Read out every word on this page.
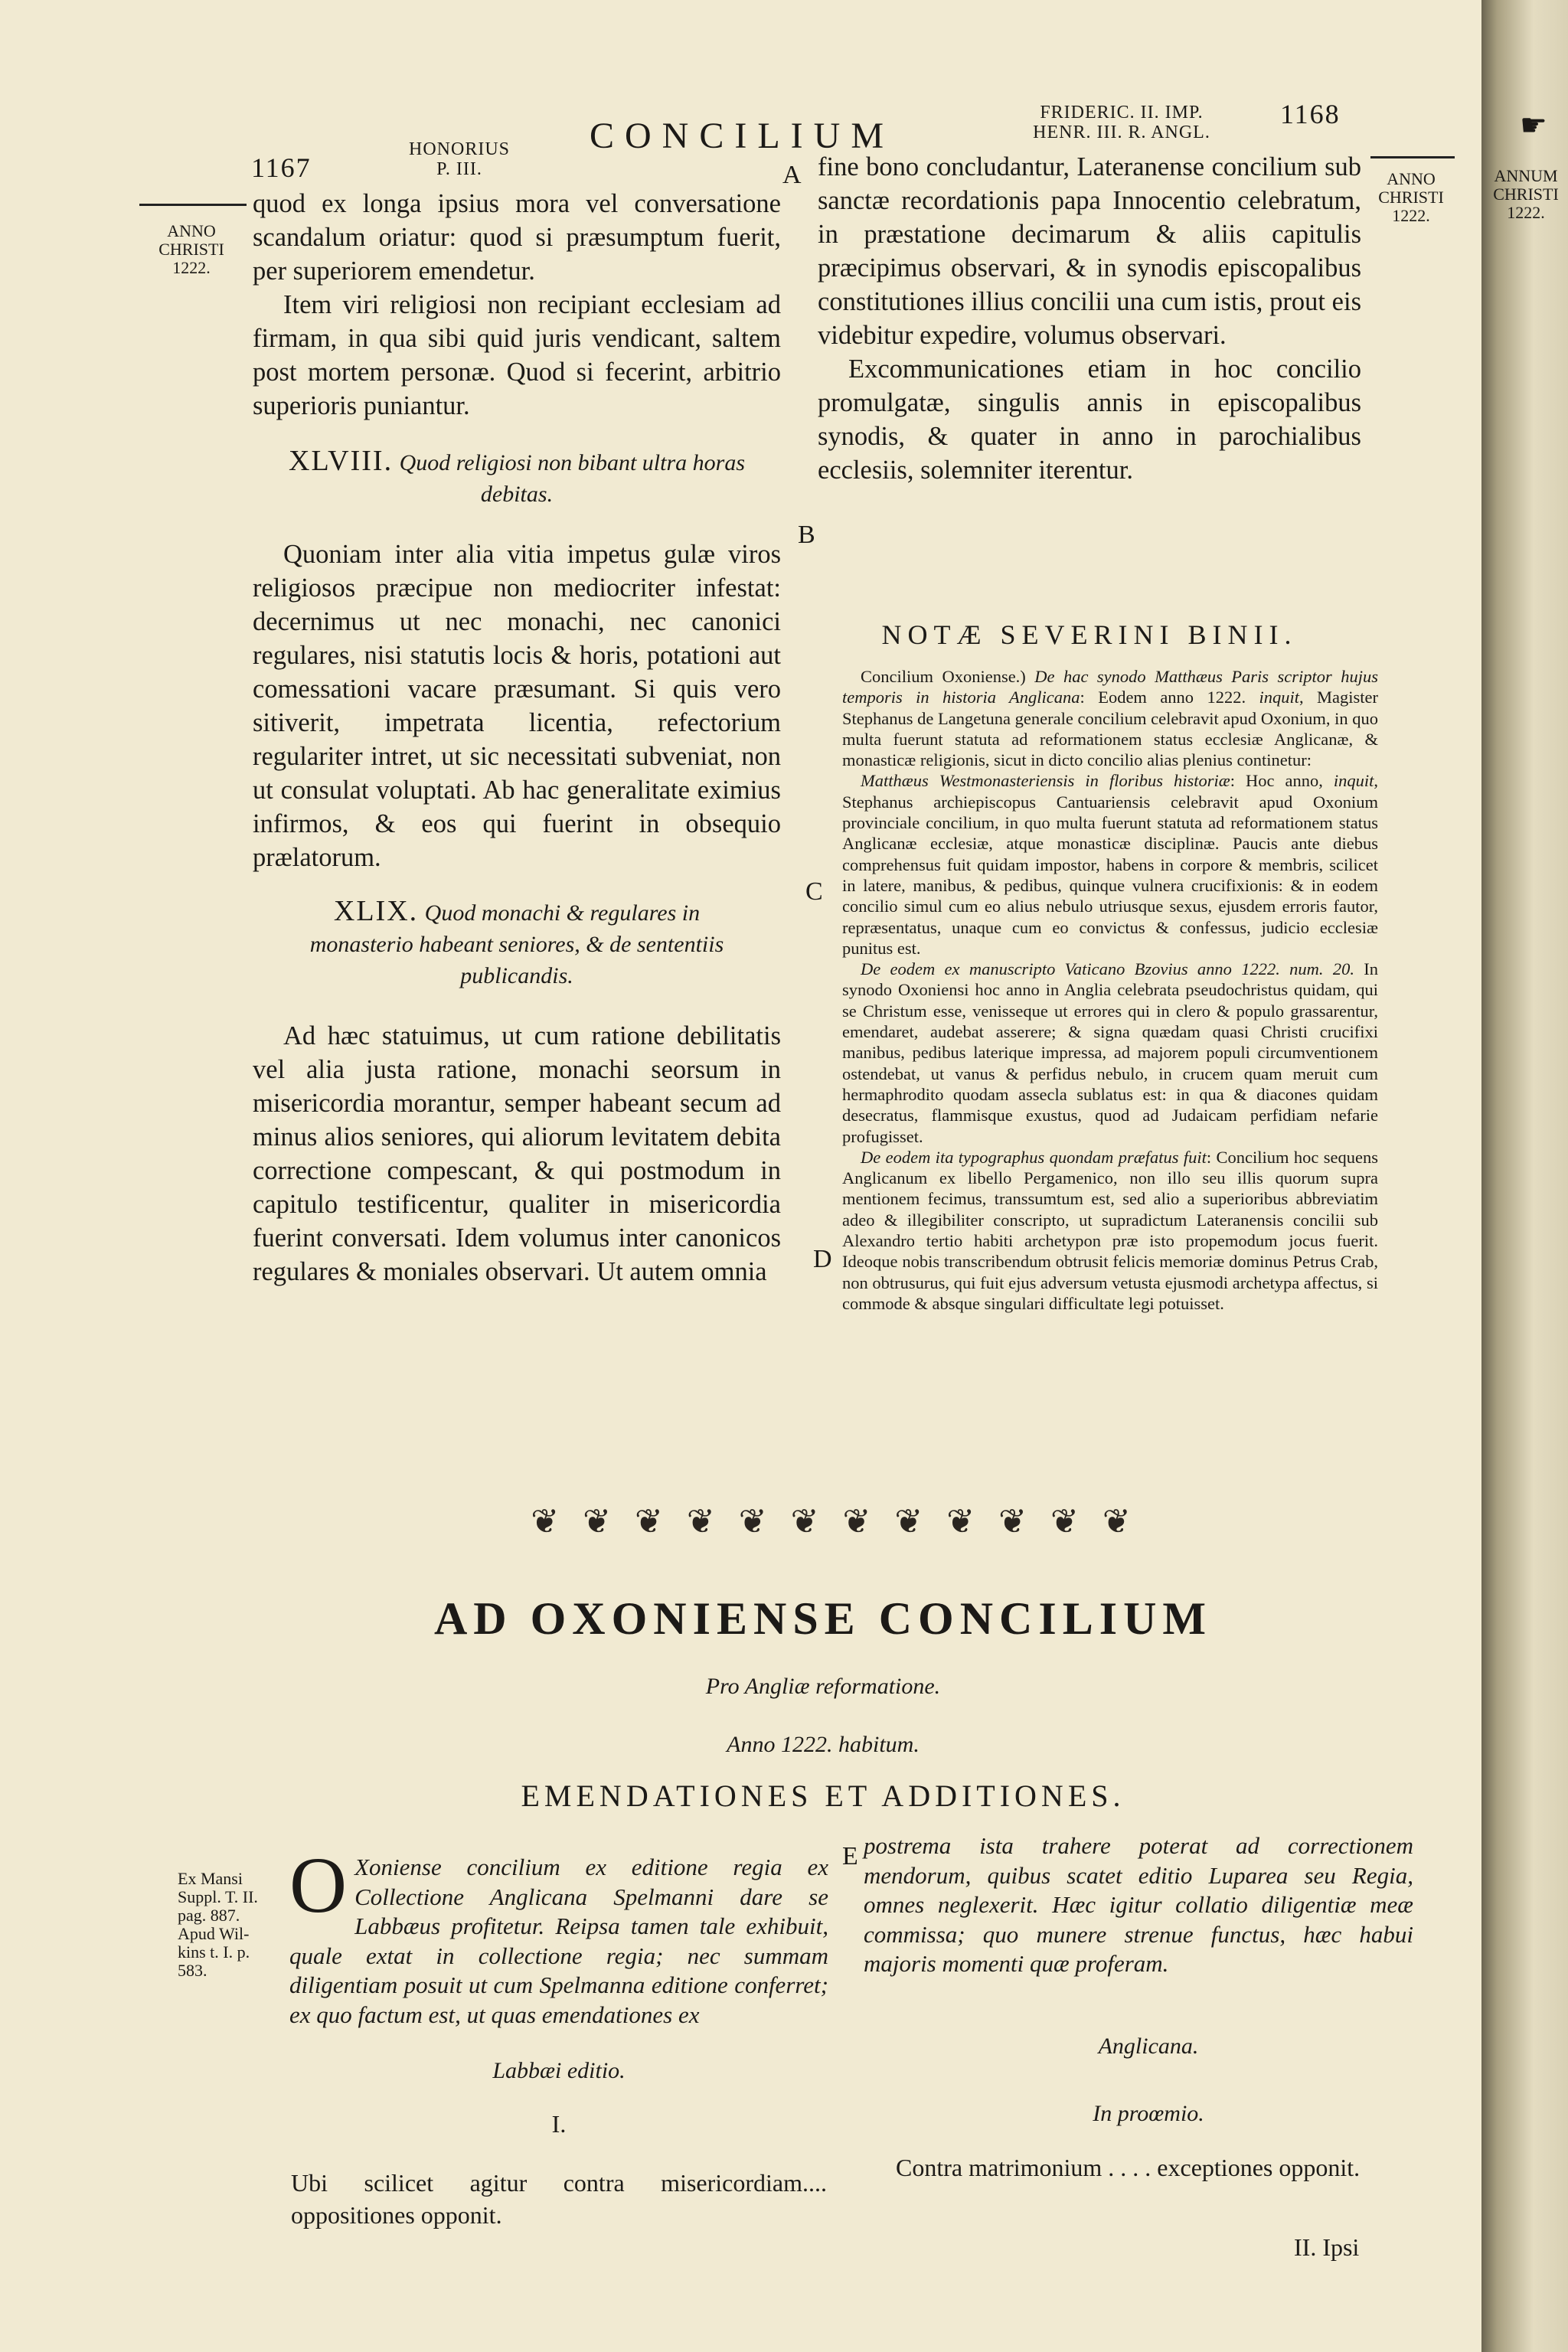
1167
HONORIUS
P. III.
CONCILIUM
FRIDERIC. II. IMP.
HENR. III. R. ANGL.
1168
ANNO
CHRISTI
1222.
ANNO
CHRISTI
1222.
A
B
C
D
E

quod ex longa ipsius mora vel conversatione scandalum oriatur: quod si præsumptum fuerit, per superiorem emendetur.

Item viri religiosi non recipiant ecclesiam ad firmam, in qua sibi quid juris vendicant, saltem post mortem personæ. Quod si fecerint, arbitrio superioris puniantur.

XLVIII. Quod religiosi non bibant ultra horas debitas.

Quoniam inter alia vitia impetus gulæ viros religiosos præcipue non mediocriter infestat: decernimus ut nec monachi, nec canonici regulares, nisi statutis locis & horis, potationi aut comessationi vacare præsumant. Si quis vero sitiverit, impetrata licentia, refectorium regulariter intret, ut sic necessitati subveniat, non ut consulat voluptati. Ab hac generalitate eximius infirmos, & eos qui fuerint in obsequio prælatorum.

XLIX. Quod monachi & regulares in monasterio habeant seniores, & de sententiis publicandis.

Ad hæc statuimus, ut cum ratione debilitatis vel alia justa ratione, monachi seorsum in misericordia morantur, semper habeant secum ad minus alios seniores, qui aliorum levitatem debita correctione compescant, & qui postmodum in capitulo testificentur, qualiter in misericordia fuerint conversati. Idem volumus inter canonicos regulares & moniales observari. Ut autem omnia

fine bono concludantur, Lateranense concilium sub sanctæ recordationis papa Innocentio celebratum, in præstatione decimarum & aliis capitulis præcipimus observari, & in synodis episcopalibus constitutiones illius concilii una cum istis, prout eis videbitur expedire, volumus observari.

Excommunicationes etiam in hoc concilio promulgatæ, singulis annis in episcopalibus synodis, & quater in anno in parochialibus ecclesiis, solemniter iterentur.

NOTÆ SEVERINI BINII.

Concilium Oxoniense.) De hac synodo Matthæus Paris scriptor hujus temporis in historia Anglicana: Eodem anno 1222. inquit, Magister Stephanus de Langetuna generale concilium celebravit apud Oxonium, in quo multa fuerunt statuta ad reformationem status ecclesiæ Anglicanæ, & monasticæ religionis, sicut in dicto concilio alias plenius continetur:

Matthæus Westmonasteriensis in floribus historiæ: Hoc anno, inquit, Stephanus archiepiscopus Cantuariensis celebravit apud Oxonium provinciale concilium, in quo multa fuerunt statuta ad reformationem status Anglicanæ ecclesiæ, atque monasticæ disciplinæ. Paucis ante diebus comprehensus fuit quidam impostor, habens in corpore & membris, scilicet in latere, manibus, & pedibus, quinque vulnera crucifixionis: & in eodem concilio simul cum eo alius nebulo utriusque sexus, ejusdem erroris fautor, repræsentatus, unaque cum eo convictus & confessus, judicio ecclesiæ punitus est.

De eodem ex manuscripto Vaticano Bzovius anno 1222. num. 20. In synodo Oxoniensi hoc anno in Anglia celebrata pseudochristus quidam, qui se Christum esse, venisseque ut errores qui in clero & populo grassarentur, emendaret, audebat asserere; & signa quædam quasi Christi crucifixi manibus, pedibus laterique impressa, ad majorem populi circumventionem ostendebat, ut vanus & perfidus nebulo, in crucem quam meruit cum hermaphrodito quodam assecla sublatus est: in qua & diacones quidam desecratus, flammisque exustus, quod ad Judaicam perfidiam nefarie profugisset.

De eodem ita typographus quondam præfatus fuit: Concilium hoc sequens Anglicanum ex libello Pergamenico, non illo seu illis quorum supra mentionem fecimus, transsumtum est, sed alio a superioribus abbreviatim adeo & illegibiliter conscripto, ut supradictum Lateranensis concilii sub Alexandro tertio habiti archetypon præ isto propemodum jocus fuerit. Ideoque nobis transcribendum obtrusit felicis memoriæ dominus Petrus Crab, non obtrusurus, qui fuit ejus adversum vetusta ejusmodi archetypa affectus, si commode & absque singulari difficultate legi potuisset.

❦ ❦ ❦ ❦ ❦ ❦ ❦ ❦ ❦ ❦ ❦ ❦
AD OXONIENSE CONCILIUM
Pro Angliæ reformatione.
Anno 1222. habitum.
EMENDATIONES ET ADDITIONES.
Ex Mansi
Suppl. T. II.
pag. 887.
Apud Wil-
kins t. I. p.
583.
O Xoniense concilium ex editione regia ex Collectione Anglicana Spelmanni dare se Labbæus profitetur. Reipsa tamen tale exhibuit, quale extat in collectione regia; nec summam diligentiam posuit ut cum Spelmanna editione conferret; ex quo factum est, ut quas emendationes ex
postrema ista trahere poterat ad correctionem mendorum, quibus scatet editio Luparea seu Regia, omnes neglexerit. Hæc igitur collatio diligentiæ meæ commissa; quo munere strenue functus, hæc habui majoris momenti quæ proferam.
Labbæi editio.
Anglicana.
I.	In proœmio.
Ubi scilicet agitur contra misericordiam.... oppositiones opponit.
Contra matrimonium . . . . exceptiones opponit.
II. Ipsi
ANNUM
CHRISTI
1222.
☛
